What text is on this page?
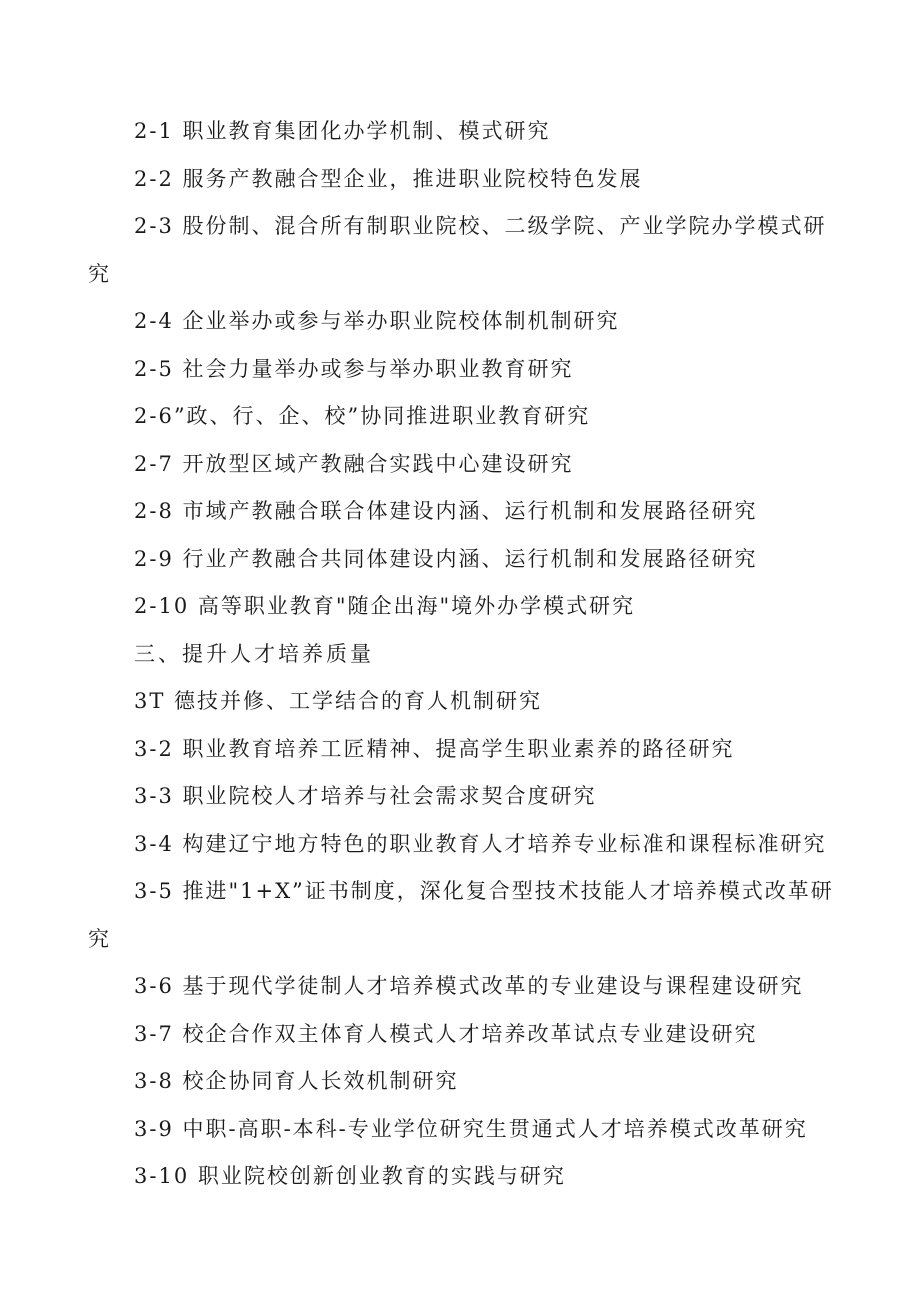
2-1 职业教育集团化办学机制、模式研究

2-2 服务产教融合型企业，推进职业院校特色发展

2-3 股份制、混合所有制职业院校、二级学院、产业学院办学模式研究

2-4 企业举办或参与举办职业院校体制机制研究

2-5 社会力量举办或参与举办职业教育研究

2-6”政、行、企、校”协同推进职业教育研究

2-7 开放型区域产教融合实践中心建设研究

2-8 市域产教融合联合体建设内涵、运行机制和发展路径研究

2-9 行业产教融合共同体建设内涵、运行机制和发展路径研究

2-10 高等职业教育"随企出海"境外办学模式研究

三、提升人才培养质量

3T 德技并修、工学结合的育人机制研究

3-2 职业教育培养工匠精神、提高学生职业素养的路径研究

3-3 职业院校人才培养与社会需求契合度研究

3-4 构建辽宁地方特色的职业教育人才培养专业标准和课程标准研究

3-5 推进"1+X”证书制度，深化复合型技术技能人才培养模式改革研究

3-6 基于现代学徒制人才培养模式改革的专业建设与课程建设研究

3-7 校企合作双主体育人模式人才培养改革试点专业建设研究

3-8 校企协同育人长效机制研究

3-9 中职-高职-本科-专业学位研究生贯通式人才培养模式改革研究

3-10 职业院校创新创业教育的实践与研究
